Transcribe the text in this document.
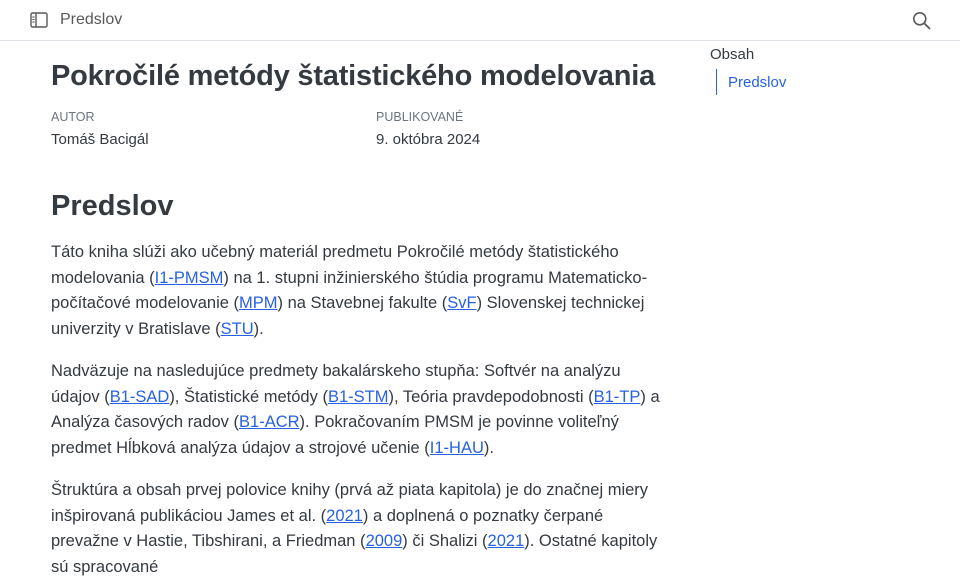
Predslov
Pokročilé metódy štatistického modelovania
AUTOR
Tomáš Bacigál
PUBLIKOVANÉ
9. októbra 2024
Predslov

Táto kniha slúži ako učebný materiál predmetu Pokročilé metódy štatistického modelovania (I1-PMSM) na 1. stupni inžinierského štúdia programu Matematicko-počítačové modelovanie (MPM) na Stavebnej fakulte (SvF) Slovenskej technickej univerzity v Bratislave (STU).

Nadväzuje na nasledujúce predmety bakalárskeho stupňa: Softvér na analýzu údajov (B1-SAD), Štatistické metódy (B1-STM), Teória pravdepodobnosti (B1-TP) a Analýza časových radov (B1-ACR). Pokračovaním PMSM je povinne voliteľný predmet Hĺbková analýza údajov a strojové učenie (I1-HAU).

Štruktúra a obsah prvej polovice knihy (prvá až piata kapitola) je do značnej miery inšpirovaná publikáciou James et al. (2021) a doplnená o poznatky čerpané prevažne v Hastie, Tibshirani, a Friedman (2009) či Shalizi (2021). Ostatné kapitoly sú spracované

Obsah
Predslov
